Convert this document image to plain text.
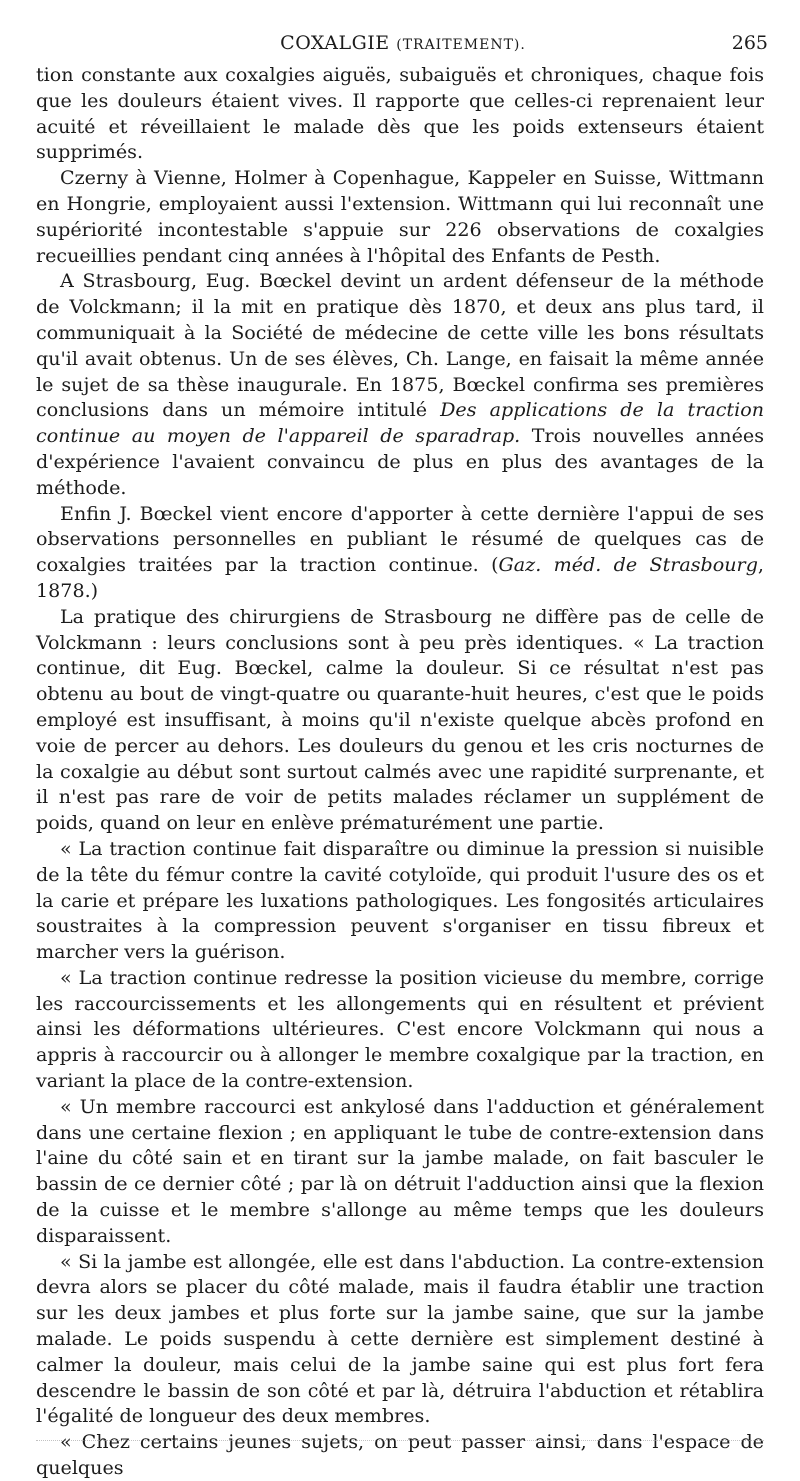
COXALGIE (TRAITEMENT).	265

tion constante aux coxalgies aiguës, subaiguës et chroniques, chaque fois que les douleurs étaient vives. Il rapporte que celles-ci reprenaient leur acuité et réveillaient le malade dès que les poids extenseurs étaient supprimés.

Czerny à Vienne, Holmer à Copenhague, Kappeler en Suisse, Wittmann en Hongrie, employaient aussi l'extension. Wittmann qui lui reconnaît une supériorité incontestable s'appuie sur 226 observations de coxalgies recueillies pendant cinq années à l'hôpital des Enfants de Pesth.

A Strasbourg, Eug. Bœckel devint un ardent défenseur de la méthode de Volckmann; il la mit en pratique dès 1870, et deux ans plus tard, il communiquait à la Société de médecine de cette ville les bons résultats qu'il avait obtenus. Un de ses élèves, Ch. Lange, en faisait la même année le sujet de sa thèse inaugurale. En 1875, Bœckel confirma ses premières conclusions dans un mémoire intitulé Des applications de la traction continue au moyen de l'appareil de sparadrap. Trois nouvelles années d'expérience l'avaient convaincu de plus en plus des avantages de la méthode.

Enfin J. Bœckel vient encore d'apporter à cette dernière l'appui de ses observations personnelles en publiant le résumé de quelques cas de coxalgies traitées par la traction continue. (Gaz. méd. de Strasbourg, 1878.)

La pratique des chirurgiens de Strasbourg ne diffère pas de celle de Volckmann : leurs conclusions sont à peu près identiques. « La traction continue, dit Eug. Bœckel, calme la douleur. Si ce résultat n'est pas obtenu au bout de vingt-quatre ou quarante-huit heures, c'est que le poids employé est insuffisant, à moins qu'il n'existe quelque abcès profond en voie de percer au dehors. Les douleurs du genou et les cris nocturnes de la coxalgie au début sont surtout calmés avec une rapidité surprenante, et il n'est pas rare de voir de petits malades réclamer un supplément de poids, quand on leur en enlève prématurément une partie.

« La traction continue fait disparaître ou diminue la pression si nuisible de la tête du fémur contre la cavité cotyloïde, qui produit l'usure des os et la carie et prépare les luxations pathologiques. Les fongosités articulaires soustraites à la compression peuvent s'organiser en tissu fibreux et marcher vers la guérison.

« La traction continue redresse la position vicieuse du membre, corrige les raccourcissements et les allongements qui en résultent et prévient ainsi les déformations ultérieures. C'est encore Volckmann qui nous a appris à raccourcir ou à allonger le membre coxalgique par la traction, en variant la place de la contre-extension.

« Un membre raccourci est ankylosé dans l'adduction et généralement dans une certaine flexion ; en appliquant le tube de contre-extension dans l'aine du côté sain et en tirant sur la jambe malade, on fait basculer le bassin de ce dernier côté ; par là on détruit l'adduction ainsi que la flexion de la cuisse et le membre s'allonge au même temps que les douleurs disparaissent.

« Si la jambe est allongée, elle est dans l'abduction. La contre-extension devra alors se placer du côté malade, mais il faudra établir une traction sur les deux jambes et plus forte sur la jambe saine, que sur la jambe malade. Le poids suspendu à cette dernière est simplement destiné à calmer la douleur, mais celui de la jambe saine qui est plus fort fera descendre le bassin de son côté et par là, détruira l'abduction et rétablira l'égalité de longueur des deux membres.

« Chez certains jeunes sujets, on peut passer ainsi, dans l'espace de quelques
